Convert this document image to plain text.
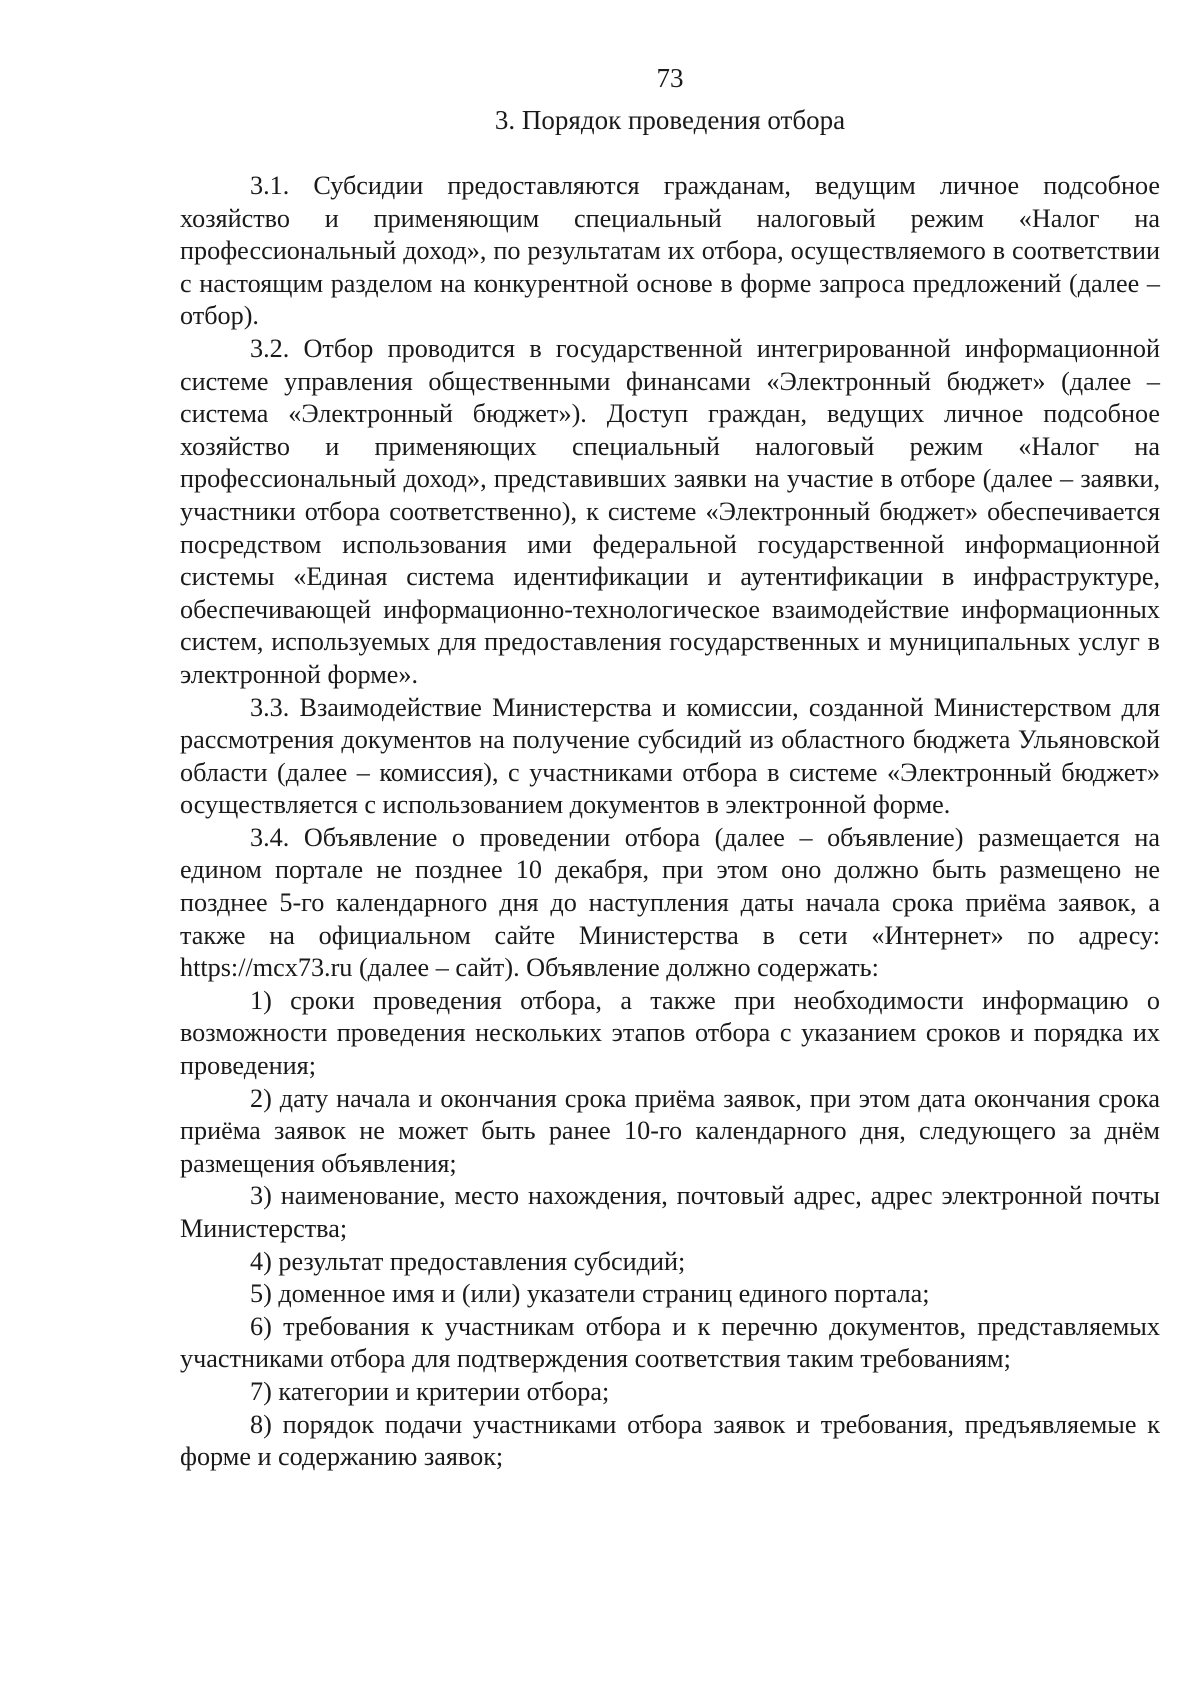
73
3. Порядок проведения отбора

3.1. Субсидии предоставляются гражданам, ведущим личное подсобное хозяйство и применяющим специальный налоговый режим «Налог на профессиональный доход», по результатам их отбора, осуществляемого в соответствии с настоящим разделом на конкурентной основе в форме запроса предложений (далее – отбор).

3.2. Отбор проводится в государственной интегрированной информационной системе управления общественными финансами «Электронный бюджет» (далее – система «Электронный бюджет»). Доступ граждан, ведущих личное подсобное хозяйство и применяющих специальный налоговый режим «Налог на профессиональный доход», представивших заявки на участие в отборе (далее – заявки, участники отбора соответственно), к системе «Электронный бюджет» обеспечивается посредством использования ими федеральной государственной информационной системы «Единая система идентификации и аутентификации в инфраструктуре, обеспечивающей информационно-технологическое взаимодействие информационных систем, используемых для предоставления государственных и муниципальных услуг в электронной форме».

3.3. Взаимодействие Министерства и комиссии, созданной Министерством для рассмотрения документов на получение субсидий из областного бюджета Ульяновской области (далее – комиссия), с участниками отбора в системе «Электронный бюджет» осуществляется с использованием документов в электронной форме.

3.4. Объявление о проведении отбора (далее – объявление) размещается на едином портале не позднее 10 декабря, при этом оно должно быть размещено не позднее 5-го календарного дня до наступления даты начала срока приёма заявок, а также на официальном сайте Министерства в сети «Интернет» по адресу: https://mcx73.ru (далее – сайт). Объявление должно содержать:

1) сроки проведения отбора, а также при необходимости информацию о возможности проведения нескольких этапов отбора с указанием сроков и порядка их проведения;

2) дату начала и окончания срока приёма заявок, при этом дата окончания срока приёма заявок не может быть ранее 10-го календарного дня, следующего за днём размещения объявления;

3) наименование, место нахождения, почтовый адрес, адрес электронной почты Министерства;

4) результат предоставления субсидий;

5) доменное имя и (или) указатели страниц единого портала;

6) требования к участникам отбора и к перечню документов, представляемых участниками отбора для подтверждения соответствия таким требованиям;

7) категории и критерии отбора;

8) порядок подачи участниками отбора заявок и требования, предъявляемые к форме и содержанию заявок;
